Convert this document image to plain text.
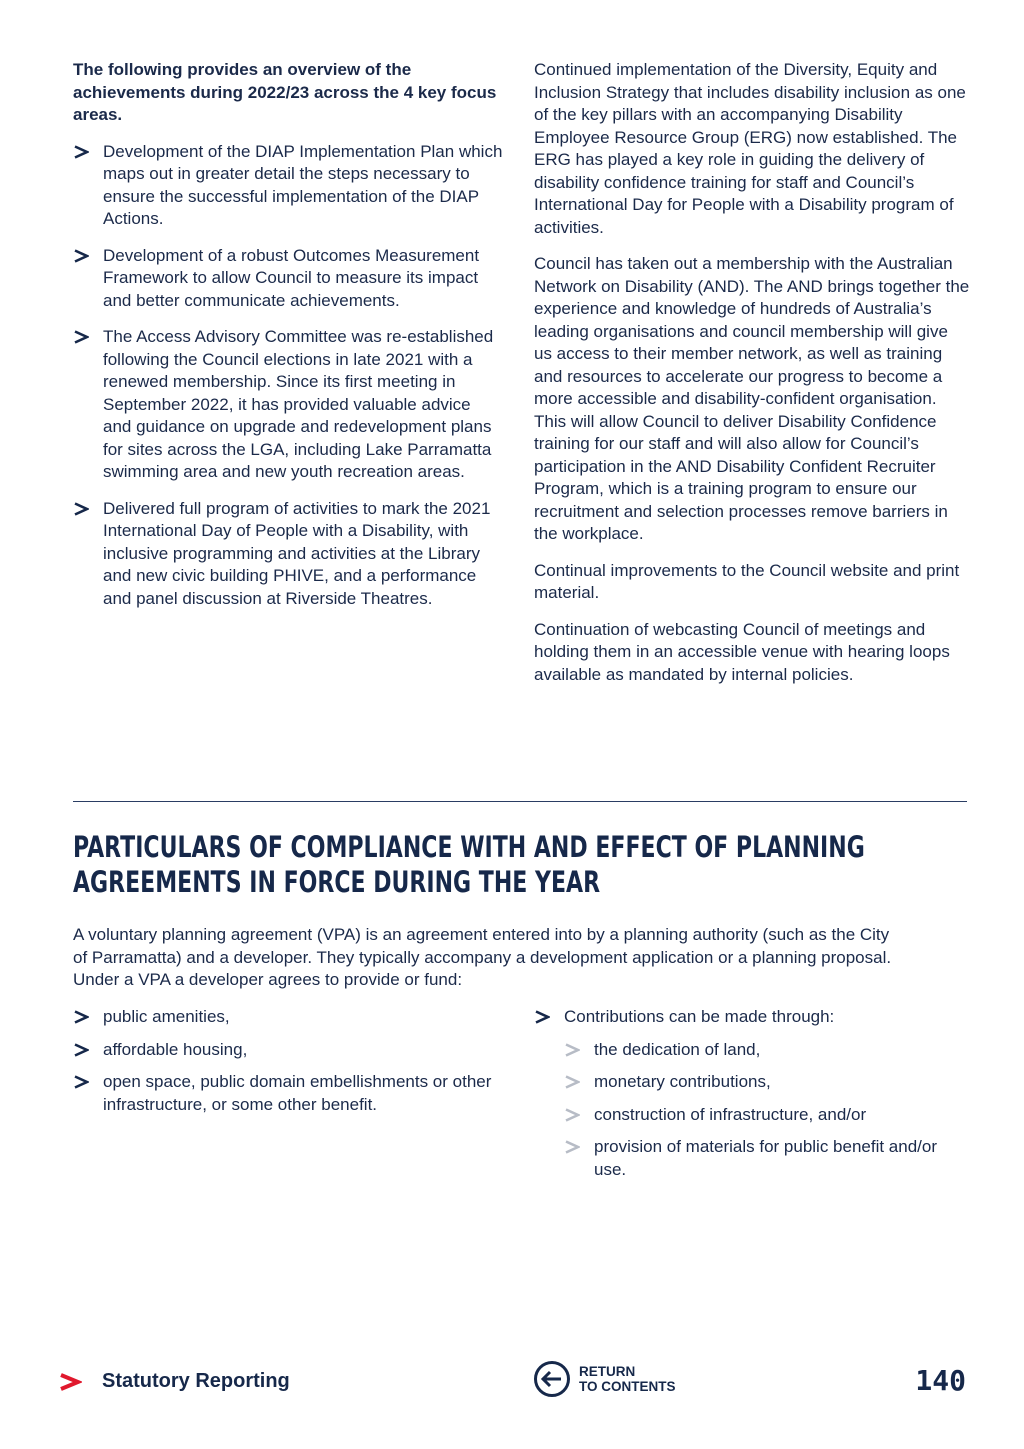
The following provides an overview of the achievements during 2022/23 across the 4 key focus areas.

Development of the DIAP Implementation Plan which maps out in greater detail the steps necessary to ensure the successful implementation of the DIAP Actions.
Development of a robust Outcomes Measurement Framework to allow Council to measure its impact and better communicate achievements.
The Access Advisory Committee was re-established following the Council elections in late 2021 with a renewed membership. Since its first meeting in September 2022, it has provided valuable advice and guidance on upgrade and redevelopment plans for sites across the LGA, including Lake Parramatta swimming area and new youth recreation areas.
Delivered full program of activities to mark the 2021 International Day of People with a Disability, with inclusive programming and activities at the Library and new civic building PHIVE, and a performance and panel discussion at Riverside Theatres.

Continued implementation of the Diversity, Equity and Inclusion Strategy that includes disability inclusion as one of the key pillars with an accompanying Disability Employee Resource Group (ERG) now established. The ERG has played a key role in guiding the delivery of disability confidence training for staff and Council’s International Day for People with a Disability program of activities.

Council has taken out a membership with the Australian Network on Disability (AND). The AND brings together the experience and knowledge of hundreds of Australia’s leading organisations and council membership will give us access to their member network, as well as training and resources to accelerate our progress to become a more accessible and disability-confident organisation. This will allow Council to deliver Disability Confidence training for our staff and will also allow for Council’s participation in the AND Disability Confident Recruiter Program, which is a training program to ensure our recruitment and selection processes remove barriers in the workplace.

Continual improvements to the Council website and print material.

Continuation of webcasting Council of meetings and holding them in an accessible venue with hearing loops available as mandated by internal policies.

PARTICULARS OF COMPLIANCE WITH AND EFFECT OF PLANNING
AGREEMENTS IN FORCE DURING THE YEAR

A voluntary planning agreement (VPA) is an agreement entered into by a planning authority (such as the City of Parramatta) and a developer. They typically accompany a development application or a planning proposal. Under a VPA a developer agrees to provide or fund:

public amenities,
affordable housing,
open space, public domain embellishments or other infrastructure, or some other benefit.
Contributions can be made through:
the dedication of land,
monetary contributions,
construction of infrastructure, and/or
provision of materials for public benefit and/or use.
Statutory Reporting	RETURN
TO CONTENTS	140
